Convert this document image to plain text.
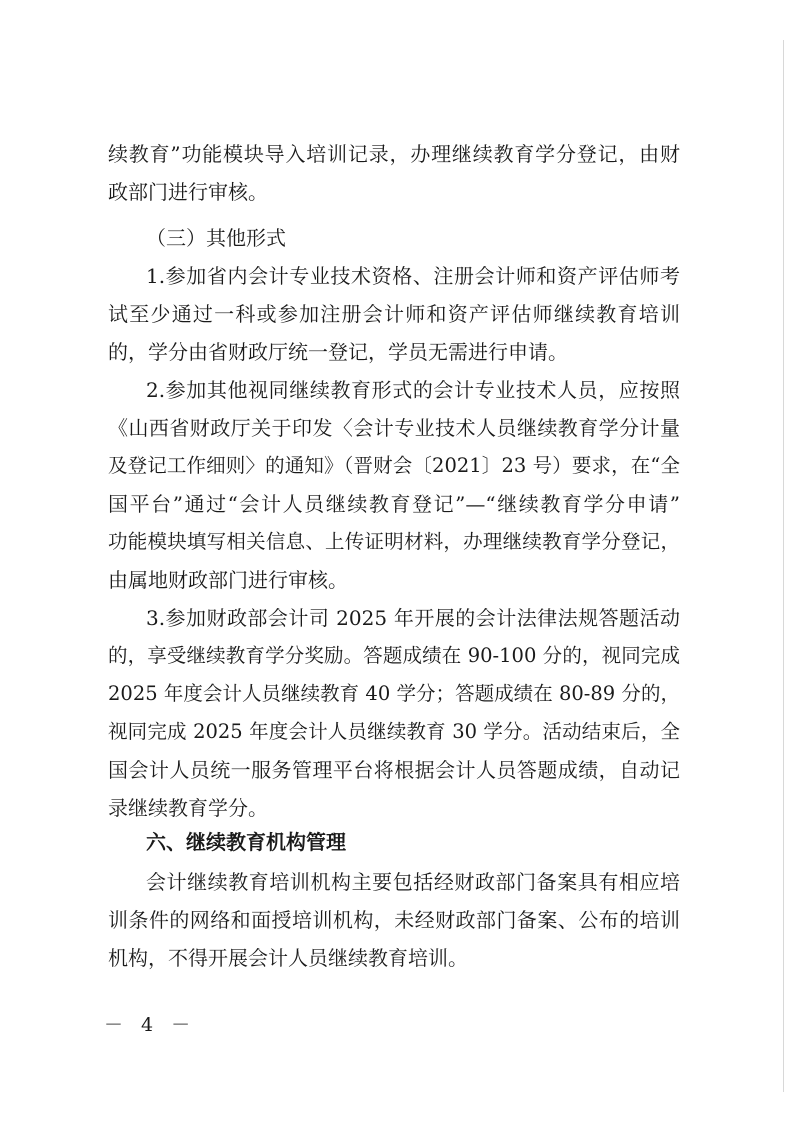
续教育”功能模块导入培训记录，办理继续教育学分登记，由财
政部门进行审核。
（三）其他形式
1.参加省内会计专业技术资格、注册会计师和资产评估师考
试至少通过一科或参加注册会计师和资产评估师继续教育培训
的，学分由省财政厅统一登记，学员无需进行申请。
2.参加其他视同继续教育形式的会计专业技术人员，应按照
《山西省财政厅关于印发〈会计专业技术人员继续教育学分计量
及登记工作细则〉的通知》（晋财会〔2021〕23 号）要求，在“全
国平台”通过“会计人员继续教育登记”—“继续教育学分申请”
功能模块填写相关信息、上传证明材料，办理继续教育学分登记，
由属地财政部门进行审核。
3.参加财政部会计司 2025 年开展的会计法律法规答题活动
的，享受继续教育学分奖励。答题成绩在 90-100 分的，视同完成
2025 年度会计人员继续教育 40 学分；答题成绩在 80-89 分的，
视同完成 2025 年度会计人员继续教育 30 学分。活动结束后，全
国会计人员统一服务管理平台将根据会计人员答题成绩，自动记
录继续教育学分。
六、继续教育机构管理
会计继续教育培训机构主要包括经财政部门备案具有相应培
训条件的网络和面授培训机构，未经财政部门备案、公布的培训
机构，不得开展会计人员继续教育培训。
－ 4 －
